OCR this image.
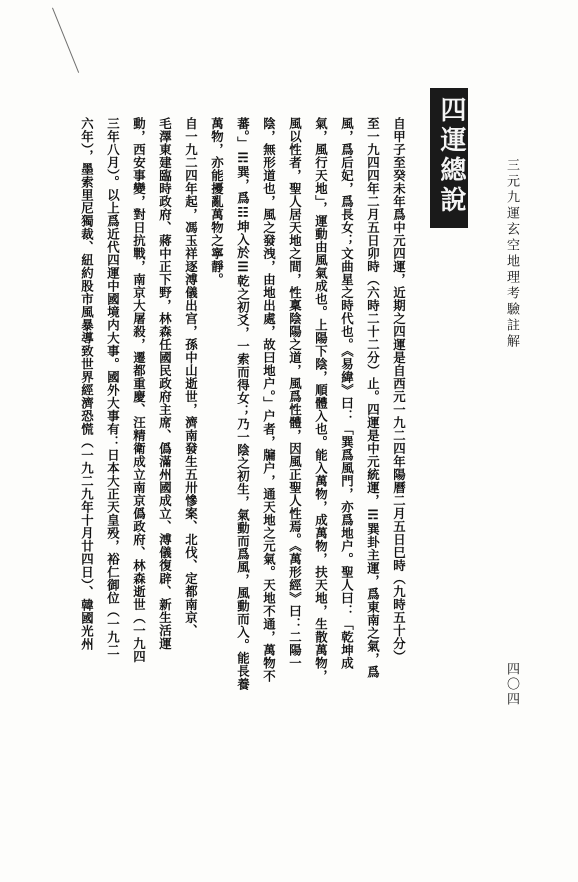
三元九運玄空地理考驗註解
四〇四
四運總說
自甲子至癸未年爲中元四運，近期之四運是自西元一九二四年陽曆二月五日巳時（九時五十分）
至一九四四年二月五日卯時（六時二十二分）止。四運是中元統運，☴巽卦主運，爲東南之氣，爲
風，爲后妃，爲長女；文曲星之時代也。《易緯》曰：「巽爲風門，亦爲地户。聖人曰：「乾坤成
氣，風行天地」，運動由風氣成也。上陽下陰，順體入也。能入萬物，成萬物，扶天地，生散萬物，
風以性者，聖人居天地之間，性稟陰陽之道，風爲性體，因風正聖人性焉。《萬形經》曰：二陽一
陰，無形道也，風之發洩，由地出處，故曰地户。」户者，牖户，通天地之元氣。天地不通，萬物不
蕃。」☴巽，爲☷坤入於☰乾之初爻，一索而得女；乃一陰之初生，氣動而爲風，風動而入。能長養
萬物，亦能擾亂萬物之寧靜。
自一九二四年起，馮玉祥逐溥儀出宫，孫中山逝世，濟南發生五卅慘案、北伐、定都南京、
毛澤東建臨時政府、蔣中正下野，林森任國民政府主席、僞滿州國成立、溥儀復辟、新生活運
動，西安事變，對日抗戰，南京大屠殺，遷都重慶、汪精衛成立南京僞政府、林森逝世（一九四
三年八月）。以上爲近代四運中國境内大事。國外大事有：日本大正天皇殁，裕仁御位（一九二
六年），墨索里尼獨裁、紐約股市風暴導致世界經濟恐慌（一九二九年十月廿四日）、韓國光州
